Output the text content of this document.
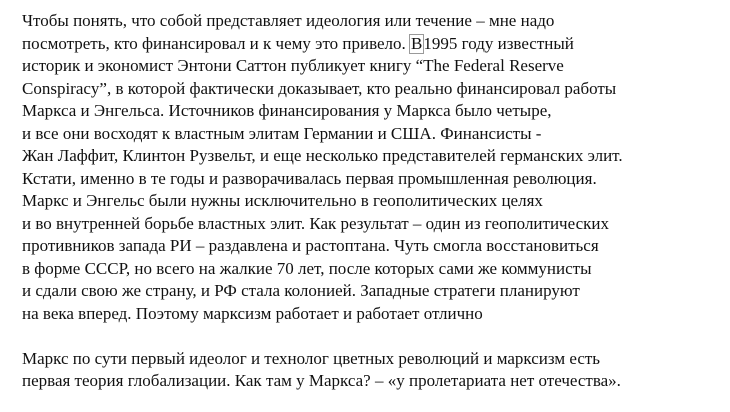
Чтобы понять, что собой представляет идеология или течение – мне надо
посмотреть, кто финансировал и к чему это привело. В1995 году известный
историк и экономист Энтони Саттон публикует книгу “The Federal Reserve
Conspiracy”, в которой фактически доказывает, кто реально финансировал работы
Маркса и Энгельса. Источников финансирования у Маркса было четыре,
и все они восходят к властным элитам Германии и США. Финансисты -
Жан Лаффит, Клинтон Рузвельт, и еще несколько представителей германских элит.
Кстати, именно в те годы и разворачивалась первая промышленная революция.
Маркс и Энгельс были нужны исключительно в геополитических целях
и во внутренней борьбе властных элит. Как результат – один из геополитических
противников запада РИ – раздавлена и растоптана. Чуть смогла восстановиться
в форме СССР, но всего на жалкие 70 лет, после которых сами же коммунисты
и сдали свою же страну, и РФ стала колонией. Западные стратеги планируют
на века вперед. Поэтому марксизм работает и работает отлично
Маркс по сути первый идеолог и технолог цветных революций и марксизм есть
первая теория глобализации. Как там у Маркса? – «у пролетариата нет отечества».
